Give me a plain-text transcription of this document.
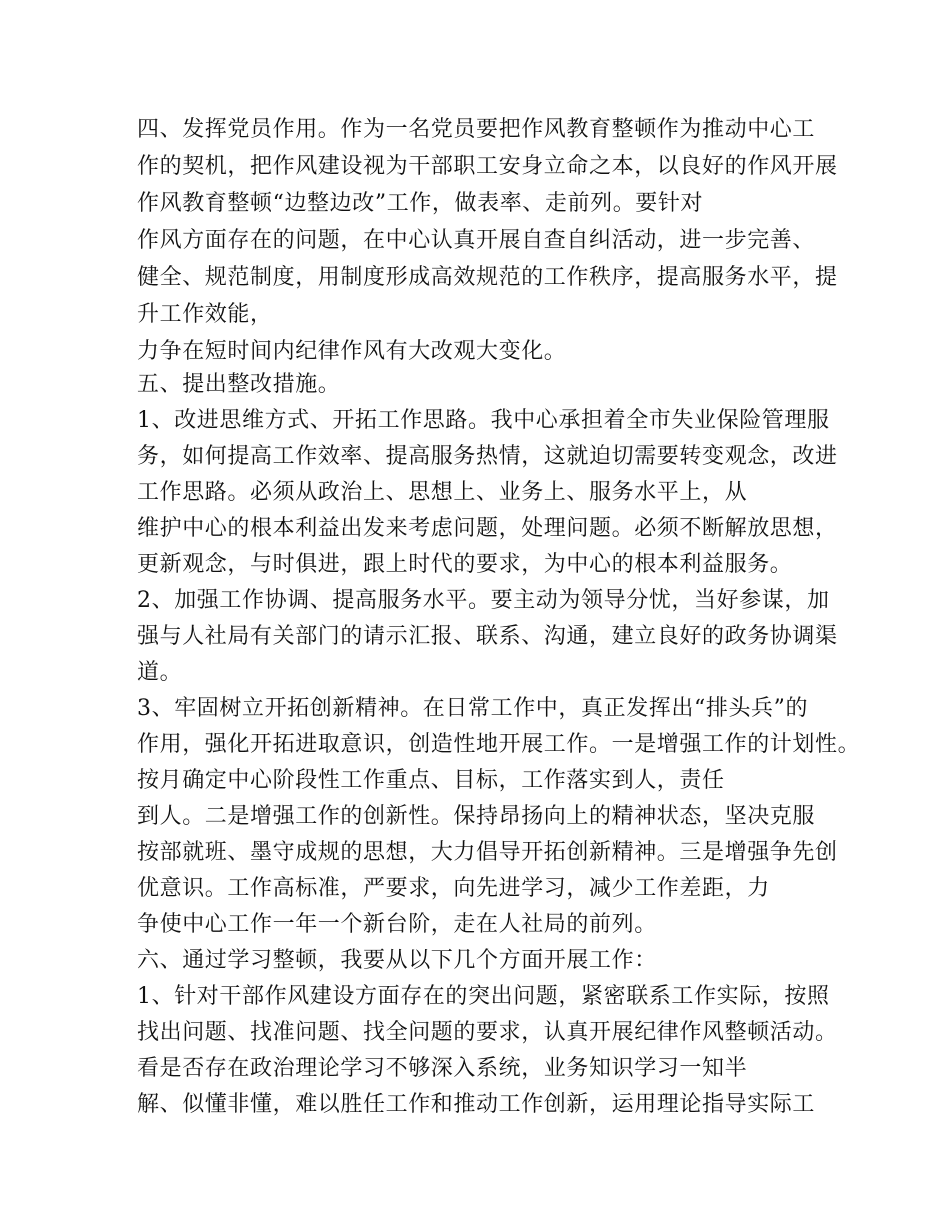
四、发挥党员作用。作为一名党员要把作风教育整顿作为推动中心工
作的契机，把作风建设视为干部职工安身立命之本，以良好的作风开展
作风教育整顿“边整边改”工作，做表率、走前列。要针对
作风方面存在的问题，在中心认真开展自查自纠活动，进一步完善、
健全、规范制度，用制度形成高效规范的工作秩序，提高服务水平，提
升工作效能，
力争在短时间内纪律作风有大改观大变化。
五、提出整改措施。
1、改进思维方式、开拓工作思路。我中心承担着全市失业保险管理服
务，如何提高工作效率、提高服务热情，这就迫切需要转变观念，改进
工作思路。必须从政治上、思想上、业务上、服务水平上，从
维护中心的根本利益出发来考虑问题，处理问题。必须不断解放思想，
更新观念，与时俱进，跟上时代的要求，为中心的根本利益服务。
2、加强工作协调、提高服务水平。要主动为领导分忧，当好参谋，加
强与人社局有关部门的请示汇报、联系、沟通，建立良好的政务协调渠
道。
3、牢固树立开拓创新精神。在日常工作中，真正发挥出“排头兵”的
作用，强化开拓进取意识，创造性地开展工作。一是增强工作的计划性。
按月确定中心阶段性工作重点、目标，工作落实到人，责任
到人。二是增强工作的创新性。保持昂扬向上的精神状态，坚决克服
按部就班、墨守成规的思想，大力倡导开拓创新精神。三是增强争先创
优意识。工作高标准，严要求，向先进学习，减少工作差距，力
争使中心工作一年一个新台阶，走在人社局的前列。
六、通过学习整顿，我要从以下几个方面开展工作：
1、针对干部作风建设方面存在的突出问题，紧密联系工作实际，按照
找出问题、找准问题、找全问题的要求，认真开展纪律作风整顿活动。
看是否存在政治理论学习不够深入系统，业务知识学习一知半
解、似懂非懂，难以胜任工作和推动工作创新，运用理论指导实际工
